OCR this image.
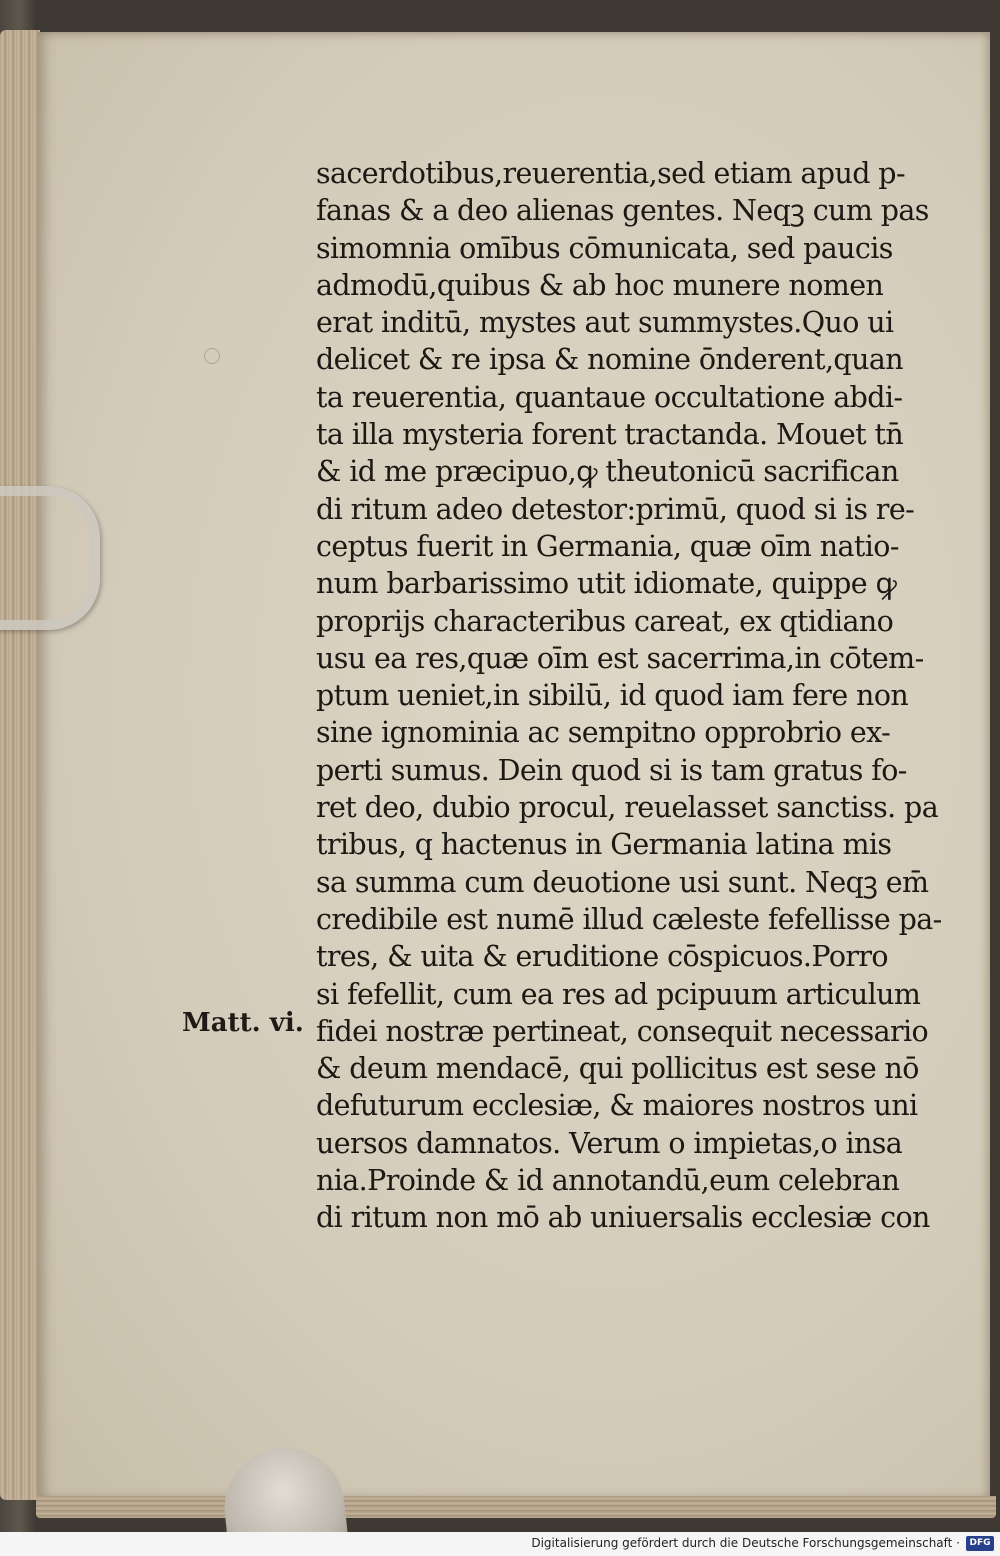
sacerdotibus,reuerentia,sed etiam apud p-
fanas & a deo alienas gentes. Neqꝫ cum pas
simomnia omībus cōmunicata, sed paucis
admodū,quibus & ab hoc munere nomen
erat inditū, mystes aut summystes.Quo ui
delicet & re ipsa & nomine ōnderent,quan
ta reuerentia, quantaue occultatione abdi-
ta illa mysteria forent tractanda. Mouet tn̄
& id me præcipuo,ꝙ theutonicū sacrifican
di ritum adeo detestor:primū, quod si is re-
ceptus fuerit in Germania, quæ oīm natio-
num barbarissimo utit idiomate, quippe ꝙ
proprijs characteribus careat, ex qtidiano
usu ea res,quæ oīm est sacerrima,in cōtem-
ptum ueniet,in sibilū, id quod iam fere non
sine ignominia ac sempitno opprobrio ex-
perti sumus. Dein quod si is tam gratus fo-
ret deo, dubio procul, reuelasset sanctiss. pa
tribus, q hactenus in Germania latina mis
sa summa cum deuotione usi sunt. Neqꝫ em̄
credibile est numē illud cæleste fefellisse pa-
tres, & uita & eruditione cōspicuos.Porro
si fefellit, cum ea res ad pcipuum articulum
fidei nostræ pertineat, consequit necessario
& deum mendacē, qui pollicitus est sese nō
defuturum ecclesiæ, & maiores nostros uni
uersos damnatos. Verum o impietas,o insa
nia.Proinde & id annotandū,eum celebran
di ritum non mō ab uniuersalis ecclesiæ con
Matt. vi.
Digitalisierung gefördert durch die Deutsche Forschungsgemeinschaft ·	DFG
